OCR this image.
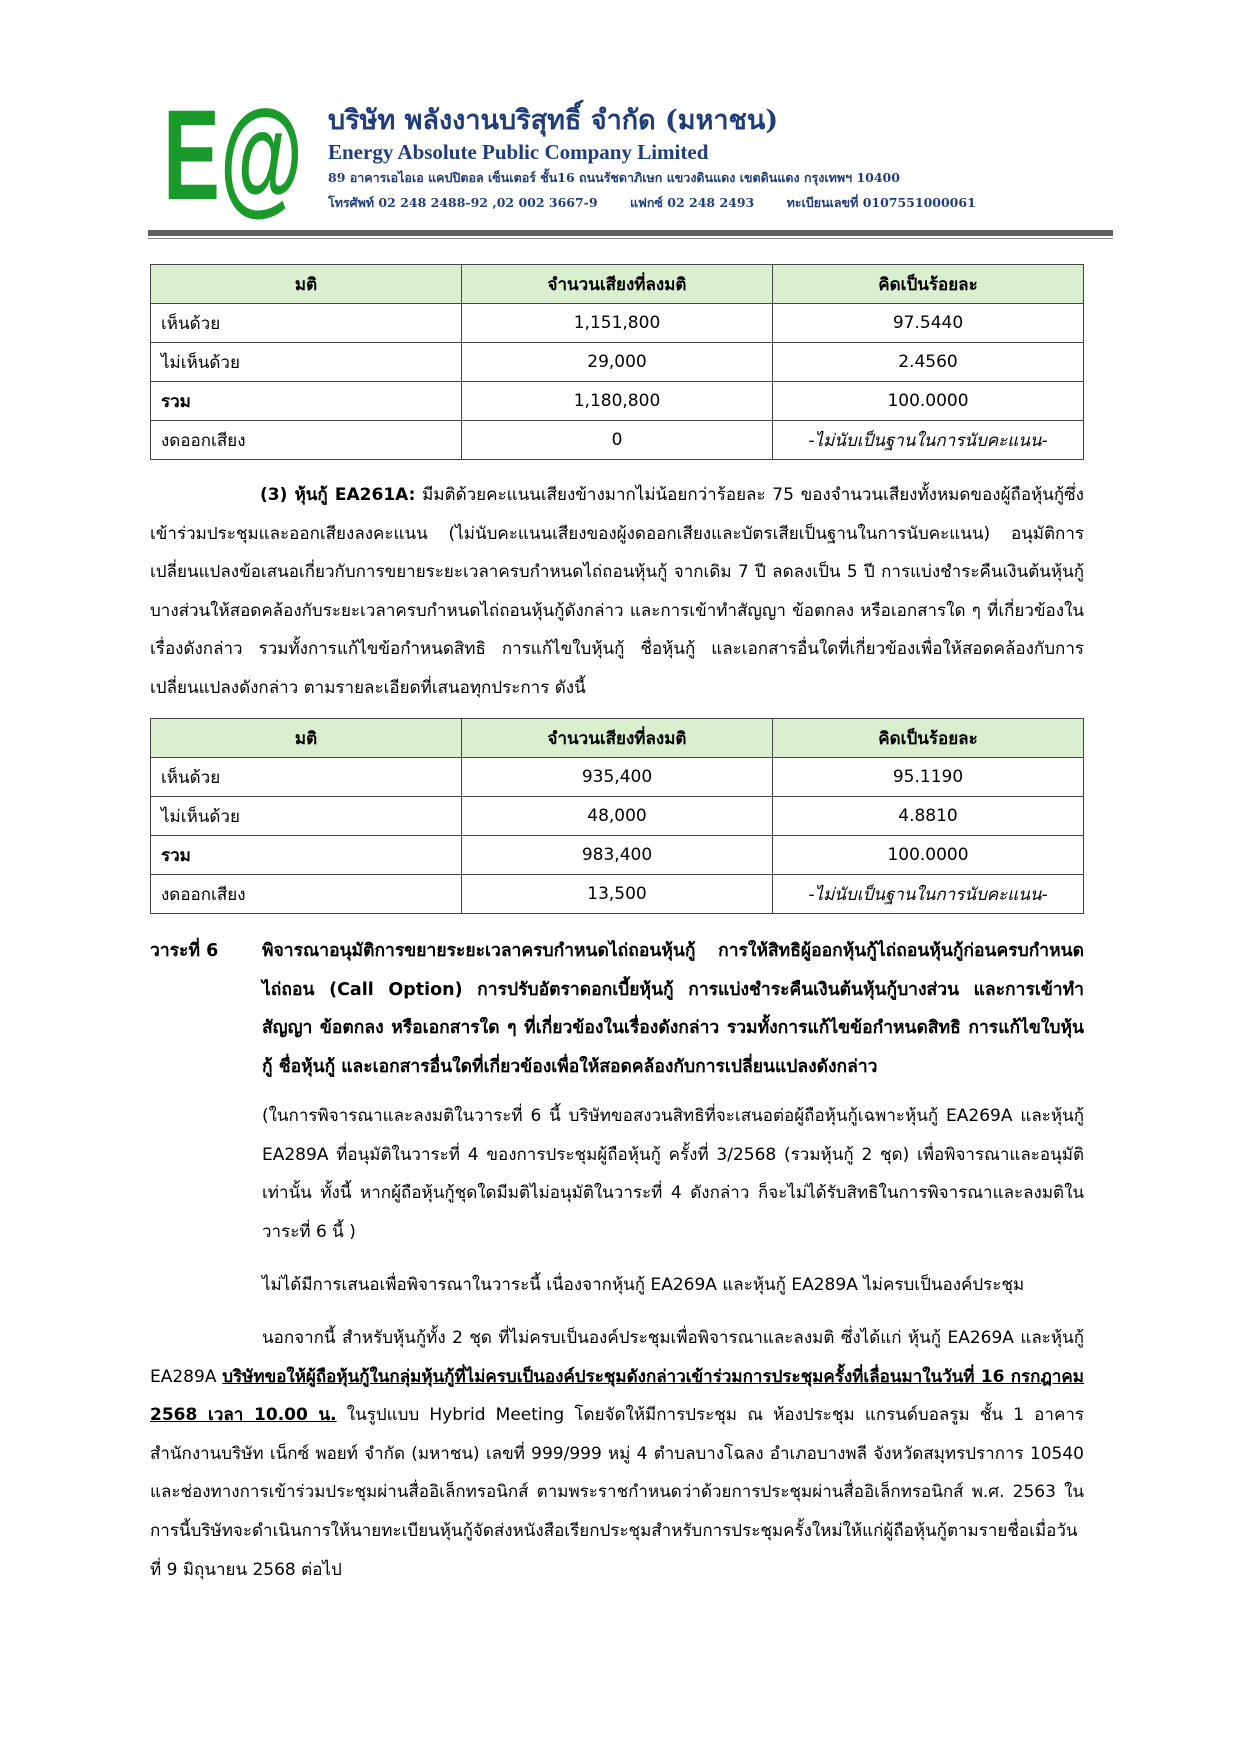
E@ บริษัท พลังงานบริสุทธิ์ จำกัด (มหาชน)
Energy Absolute Public Company Limited
89 อาคารเอไอเอ แคปปิตอล เซ็นเตอร์ ชั้น16 ถนนรัชดาภิเษก แขวงดินแดง เขตดินแดง กรุงเทพฯ 10400
โทรศัพท์ 02 248 2488-92 ,02 002 3667-9	แฟกซ์ 02 248 2493	ทะเบียนเลขที่ 0107551000061
มติ	จำนวนเสียงที่ลงมติ	คิดเป็นร้อยละ
เห็นด้วย	1,151,800	97.5440
ไม่เห็นด้วย	29,000	2.4560
รวม	1,180,800	100.0000
งดออกเสียง	0	-ไม่นับเป็นฐานในการนับคะแนน-
(3) หุ้นกู้ EA261A: มีมติด้วยคะแนนเสียงข้างมากไม่น้อยกว่าร้อยละ 75 ของจำนวนเสียงทั้งหมดของผู้ถือหุ้นกู้ซึ่งเข้าร่วมประชุมและออกเสียงลงคะแนน (ไม่นับคะแนนเสียงของผู้งดออกเสียงและบัตรเสียเป็นฐานในการนับคะแนน) อนุมัติการเปลี่ยนแปลงข้อเสนอเกี่ยวกับการขยายระยะเวลาครบกำหนดไถ่ถอนหุ้นกู้ จากเดิม 7 ปี ลดลงเป็น 5 ปี การแบ่งชำระคืนเงินต้นหุ้นกู้บางส่วนให้สอดคล้องกับระยะเวลาครบกำหนดไถ่ถอนหุ้นกู้ดังกล่าว และการเข้าทำสัญญา ข้อตกลง หรือเอกสารใด ๆ ที่เกี่ยวข้องในเรื่องดังกล่าว รวมทั้งการแก้ไขข้อกำหนดสิทธิ การแก้ไขใบหุ้นกู้ ชื่อหุ้นกู้ และเอกสารอื่นใดที่เกี่ยวข้องเพื่อให้สอดคล้องกับการเปลี่ยนแปลงดังกล่าว ตามรายละเอียดที่เสนอทุกประการ ดังนี้
มติ	จำนวนเสียงที่ลงมติ	คิดเป็นร้อยละ
เห็นด้วย	935,400	95.1190
ไม่เห็นด้วย	48,000	4.8810
รวม	983,400	100.0000
งดออกเสียง	13,500	-ไม่นับเป็นฐานในการนับคะแนน-
วาระที่ 6 พิจารณาอนุมัติการขยายระยะเวลาครบกำหนดไถ่ถอนหุ้นกู้ การให้สิทธิผู้ออกหุ้นกู้ไถ่ถอนหุ้นกู้ก่อนครบกำหนดไถ่ถอน (Call Option) การปรับอัตราดอกเบี้ยหุ้นกู้ การแบ่งชำระคืนเงินต้นหุ้นกู้บางส่วน และการเข้าทำสัญญา ข้อตกลง หรือเอกสารใด ๆ ที่เกี่ยวข้องในเรื่องดังกล่าว รวมทั้งการแก้ไขข้อกำหนดสิทธิ การแก้ไขใบหุ้นกู้ ชื่อหุ้นกู้ และเอกสารอื่นใดที่เกี่ยวข้องเพื่อให้สอดคล้องกับการเปลี่ยนแปลงดังกล่าว
(ในการพิจารณาและลงมติในวาระที่ 6 นี้ บริษัทขอสงวนสิทธิที่จะเสนอต่อผู้ถือหุ้นกู้เฉพาะหุ้นกู้ EA269A และหุ้นกู้ EA289A ที่อนุมัติในวาระที่ 4 ของการประชุมผู้ถือหุ้นกู้ ครั้งที่ 3/2568 (รวมหุ้นกู้ 2 ชุด) เพื่อพิจารณาและอนุมัติเท่านั้น ทั้งนี้ หากผู้ถือหุ้นกู้ชุดใดมีมติไม่อนุมัติในวาระที่ 4 ดังกล่าว ก็จะไม่ได้รับสิทธิในการพิจารณาและลงมติในวาระที่ 6 นี้ )
ไม่ได้มีการเสนอเพื่อพิจารณาในวาระนี้ เนื่องจากหุ้นกู้ EA269A และหุ้นกู้ EA289A ไม่ครบเป็นองค์ประชุม
นอกจากนี้ สำหรับหุ้นกู้ทั้ง 2 ชุด ที่ไม่ครบเป็นองค์ประชุมเพื่อพิจารณาและลงมติ ซึ่งได้แก่ หุ้นกู้ EA269A และหุ้นกู้ EA289A บริษัทขอให้ผู้ถือหุ้นกู้ในกลุ่มหุ้นกู้ที่ไม่ครบเป็นองค์ประชุมดังกล่าวเข้าร่วมการประชุมครั้งที่เลื่อนมาในวันที่ 16 กรกฎาคม 2568 เวลา 10.00 น. ในรูปแบบ Hybrid Meeting โดยจัดให้มีการประชุม ณ ห้องประชุม แกรนด์บอลรูม ชั้น 1 อาคารสำนักงานบริษัท เน็กซ์ พอยท์ จำกัด (มหาชน) เลขที่ 999/999 หมู่ 4 ตำบลบางโฉลง อำเภอบางพลี จังหวัดสมุทรปราการ 10540 และช่องทางการเข้าร่วมประชุมผ่านสื่ออิเล็กทรอนิกส์ ตามพระราชกำหนดว่าด้วยการประชุมผ่านสื่ออิเล็กทรอนิกส์ พ.ศ. 2563 ในการนี้บริษัทจะดำเนินการให้นายทะเบียนหุ้นกู้จัดส่งหนังสือเรียกประชุมสำหรับการประชุมครั้งใหม่ให้แก่ผู้ถือหุ้นกู้ตามรายชื่อเมื่อวันที่ 9 มิถุนายน 2568 ต่อไป
